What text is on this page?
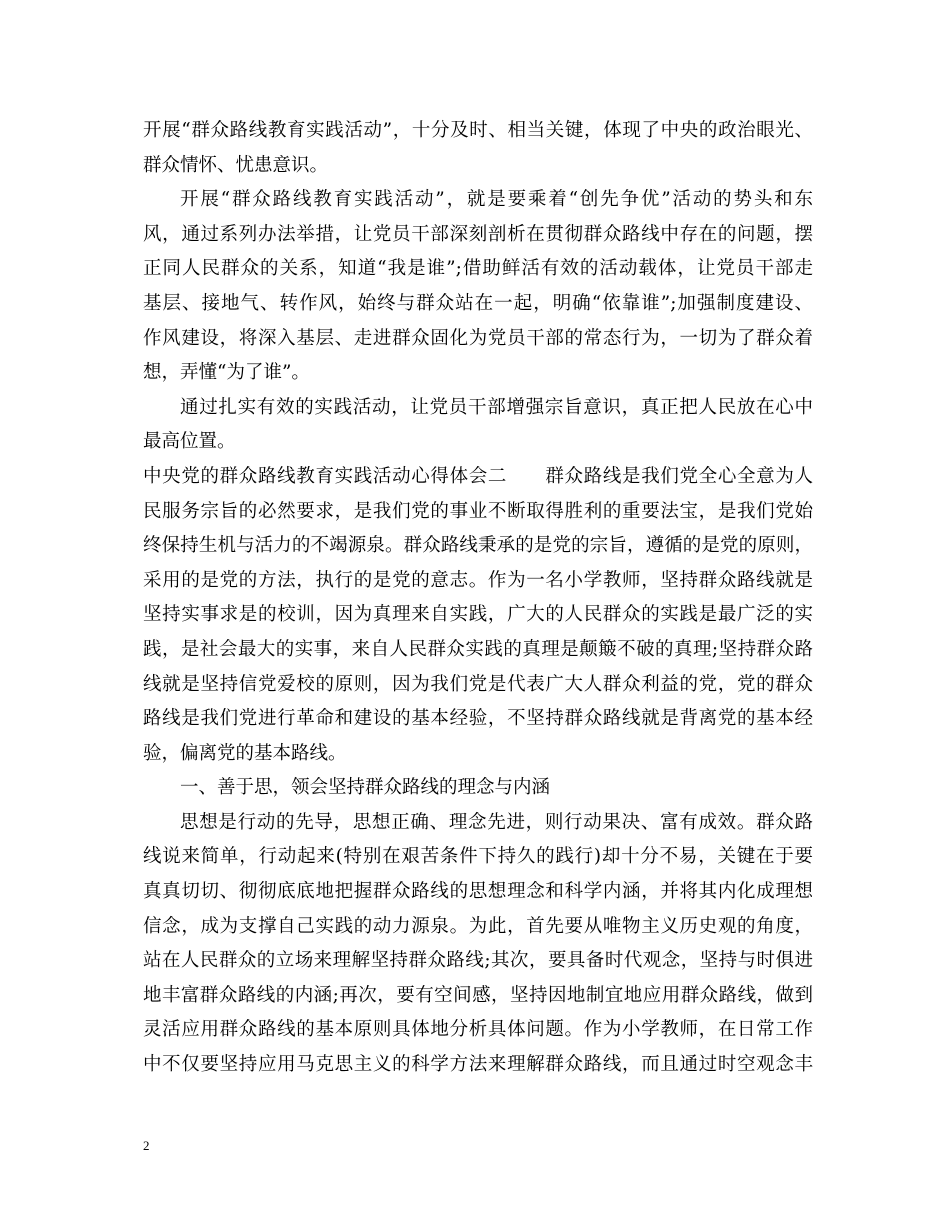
开展“群众路线教育实践活动”，十分及时、相当关键，体现了中央的政治眼光、
群众情怀、忧患意识。
开展“群众路线教育实践活动”，就是要乘着“创先争优”活动的势头和东
风，通过系列办法举措，让党员干部深刻剖析在贯彻群众路线中存在的问题，摆
正同人民群众的关系，知道“我是谁”;借助鲜活有效的活动载体，让党员干部走
基层、接地气、转作风，始终与群众站在一起，明确“依靠谁”;加强制度建设、
作风建设，将深入基层、走进群众固化为党员干部的常态行为，一切为了群众着
想，弄懂“为了谁”。
通过扎实有效的实践活动，让党员干部增强宗旨意识，真正把人民放在心中
最高位置。
中央党的群众路线教育实践活动心得体会二　　群众路线是我们党全心全意为人
民服务宗旨的必然要求，是我们党的事业不断取得胜利的重要法宝，是我们党始
终保持生机与活力的不竭源泉。群众路线秉承的是党的宗旨，遵循的是党的原则，
采用的是党的方法，执行的是党的意志。作为一名小学教师，坚持群众路线就是
坚持实事求是的校训，因为真理来自实践，广大的人民群众的实践是最广泛的实
践，是社会最大的实事，来自人民群众实践的真理是颠簸不破的真理;坚持群众路
线就是坚持信党爱校的原则，因为我们党是代表广大人群众利益的党，党的群众
路线是我们党进行革命和建设的基本经验，不坚持群众路线就是背离党的基本经
验，偏离党的基本路线。
一、善于思，领会坚持群众路线的理念与内涵
思想是行动的先导，思想正确、理念先进，则行动果决、富有成效。群众路
线说来简单，行动起来(特别在艰苦条件下持久的践行)却十分不易，关键在于要
真真切切、彻彻底底地把握群众路线的思想理念和科学内涵，并将其内化成理想
信念，成为支撑自己实践的动力源泉。为此，首先要从唯物主义历史观的角度，
站在人民群众的立场来理解坚持群众路线;其次，要具备时代观念，坚持与时俱进
地丰富群众路线的内涵;再次，要有空间感，坚持因地制宜地应用群众路线，做到
灵活应用群众路线的基本原则具体地分析具体问题。作为小学教师，在日常工作
中不仅要坚持应用马克思主义的科学方法来理解群众路线，而且通过时空观念丰
2
